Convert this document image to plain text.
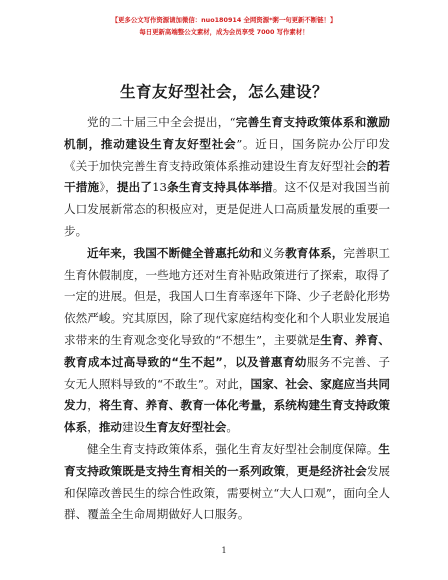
【更多公文写作资源请加微信：nuo180914 全网资源*粥一句更新不断链！】
每日更新高端整公文素材，成为会员享受 7000 写作素材！
生育友好型社会，怎么建设？

党的二十届三中全会提出，“完善生育支持政策体系和激励机制，推动建设生育友好型社会”。近日，国务院办公厅印发《关于加快完善生育支持政策体系推动建设生育友好型社会的若干措施》，提出了13条生育支持具体举措。这不仅是对我国当前人口发展新常态的积极应对，更是促进人口高质量发展的重要一步。

近年来，我国不断健全普惠托幼和义务教育体系，完善职工生育休假制度，一些地方还对生育补贴政策进行了探索，取得了一定的进展。但是，我国人口生育率逐年下降、少子老龄化形势依然严峻。究其原因，除了现代家庭结构变化和个人职业发展追求带来的生育观念变化导致的“不想生”，主要就是生育、养育、教育成本过高导致的“生不起”，以及普惠育幼服务不完善、子女无人照料导致的“不敢生”。对此，国家、社会、家庭应当共同发力，将生育、养育、教育一体化考量，系统构建生育支持政策体系，推动建设生育友好型社会。

健全生育支持政策体系，强化生育友好型社会制度保障。生育支持政策既是支持生育相关的一系列政策，更是经济社会发展和保障改善民生的综合性政策，需要树立“大人口观”，面向全人群、覆盖全生命周期做好人口服务。

1
